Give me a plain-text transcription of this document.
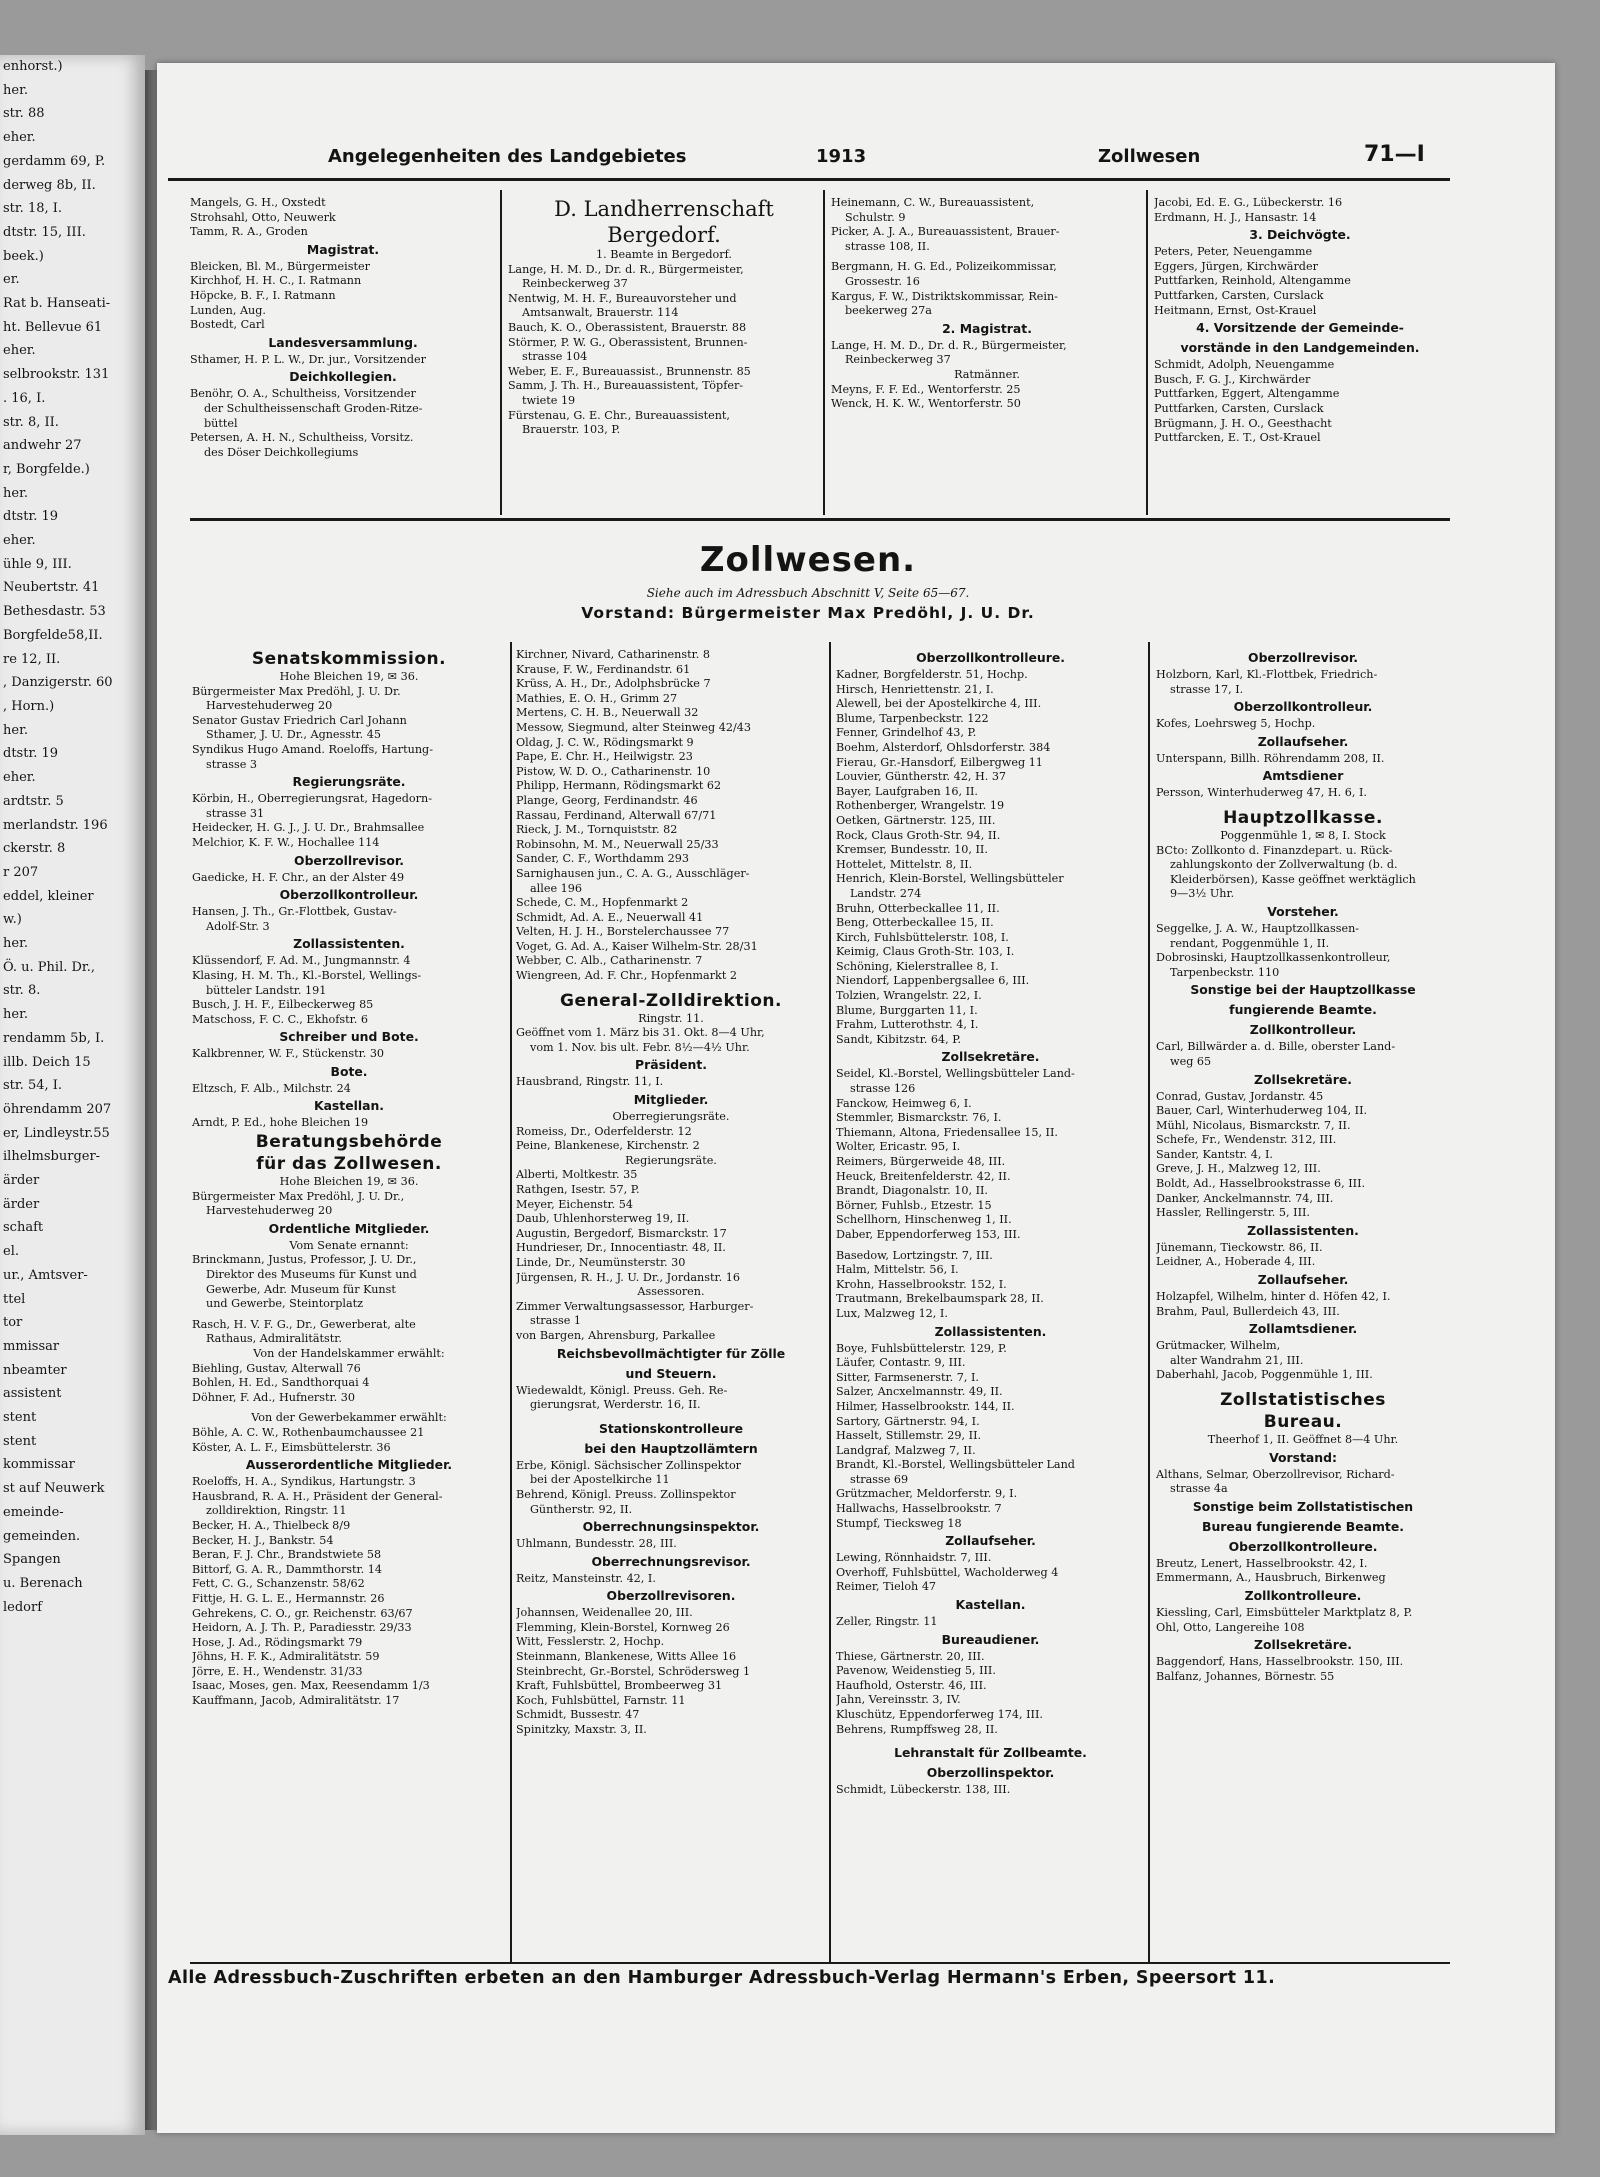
enhorst.)
her.
str. 88
eher.
gerdamm 69, P.
derweg 8b, II.
str. 18, I.
dtstr. 15, III.
beek.)
er.
Rat b. Hanseati-
ht. Bellevue 61
eher.
selbrookstr. 131
. 16, I.
str. 8, II.
andwehr 27
r, Borgfelde.)
her.
dtstr. 19
eher.
ühle 9, III.
Neubertstr. 41
Bethesdastr. 53
Borgfelde58,II.
re 12, II.
, Danzigerstr. 60
, Horn.)
her.
dtstr. 19
eher.
ardtstr. 5
merlandstr. 196
ckerstr. 8
r 207
eddel, kleiner
w.)
her.
Ö. u. Phil. Dr.,
str. 8.
her.
rendamm 5b, I.
illb. Deich 15
str. 54, I.
öhrendamm 207
er, Lindleystr.55
ilhelmsburger-
ärder
ärder
schaft
el.
ur., Amtsver-
ttel
tor
mmissar
nbeamter
assistent
stent
stent
kommissar
st auf Neuwerk
emeinde-
gemeinden.
Spangen
u. Berenach
ledorf
Angelegenheiten des Landgebietes	1913	Zollwesen	71—I
Mangels, G. H., Oxstedt
Strohsahl, Otto, Neuwerk
Tamm, R. A., Groden
Magistrat.
Bleicken, Bl. M., Bürgermeister
Kirchhof, H. H. C., I. Ratmann
Höpcke, B. F., I. Ratmann
Lunden, Aug.
Bostedt, Carl
Landesversammlung.
Sthamer, H. P. L. W., Dr. jur., Vorsitzender
Deichkollegien.
Benöhr, O. A., Schultheiss, Vorsitzender
der Schultheissenschaft Groden-Ritze-
büttel
Petersen, A. H. N., Schultheiss, Vorsitz.
des Döser Deichkollegiums
D. Landherrenschaft
Bergedorf.
1. Beamte in Bergedorf.
Lange, H. M. D., Dr. d. R., Bürgermeister,
Reinbeckerweg 37
Nentwig, M. H. F., Bureauvorsteher und
Amtsanwalt, Brauerstr. 114
Bauch, K. O., Oberassistent, Brauerstr. 88
Störmer, P. W. G., Oberassistent, Brunnen-
strasse 104
Weber, E. F., Bureauassist., Brunnenstr. 85
Samm, J. Th. H., Bureauassistent, Töpfer-
twiete 19
Fürstenau, G. E. Chr., Bureauassistent,
Brauerstr. 103, P.
Heinemann, C. W., Bureauassistent,
Schulstr. 9
Picker, A. J. A., Bureauassistent, Brauer-
strasse 108, II.
Bergmann, H. G. Ed., Polizeikommissar,
Grossestr. 16
Kargus, F. W., Distriktskommissar, Rein-
beekerweg 27a
2. Magistrat.
Lange, H. M. D., Dr. d. R., Bürgermeister,
Reinbeckerweg 37
Ratmänner.
Meyns, F. F. Ed., Wentorferstr. 25
Wenck, H. K. W., Wentorferstr. 50
Jacobi, Ed. E. G., Lübeckerstr. 16
Erdmann, H. J., Hansastr. 14
3. Deichvögte.
Peters, Peter, Neuengamme
Eggers, Jürgen, Kirchwärder
Puttfarken, Reinhold, Altengamme
Puttfarken, Carsten, Curslack
Heitmann, Ernst, Ost-Krauel
4. Vorsitzende der Gemeinde-
vorstände in den Landgemeinden.
Schmidt, Adolph, Neuengamme
Busch, F. G. J., Kirchwärder
Puttfarken, Eggert, Altengamme
Puttfarken, Carsten, Curslack
Brügmann, J. H. O., Geesthacht
Puttfarcken, E. T., Ost-Krauel
Zollwesen.
Siehe auch im Adressbuch Abschnitt V, Seite 65—67.
Vorstand: Bürgermeister Max Predöhl, J. U. Dr.
Senatskommission.
Hohe Bleichen 19, ✉ 36.
Bürgermeister Max Predöhl, J. U. Dr.
Harvestehuderweg 20
Senator Gustav Friedrich Carl Johann
Sthamer, J. U. Dr., Agnesstr. 45
Syndikus Hugo Amand. Roeloffs, Hartung-
strasse 3
Regierungsräte.
Körbin, H., Oberregierungsrat, Hagedorn-
strasse 31
Heidecker, H. G. J., J. U. Dr., Brahmsallee
Melchior, K. F. W., Hochallee 114
Oberzollrevisor.
Gaedicke, H. F. Chr., an der Alster 49
Oberzollkontrolleur.
Hansen, J. Th., Gr.-Flottbek, Gustav-
Adolf-Str. 3
Zollassistenten.
Klüssendorf, F. Ad. M., Jungmannstr. 4
Klasing, H. M. Th., Kl.-Borstel, Wellings-
bütteler Landstr. 191
Busch, J. H. F., Eilbeckerweg 85
Matschoss, F. C. C., Ekhofstr. 6
Schreiber und Bote.
Kalkbrenner, W. F., Stückenstr. 30
Bote.
Eltzsch, F. Alb., Milchstr. 24
Kastellan.
Arndt, P. Ed., hohe Bleichen 19
Beratungsbehörde
für das Zollwesen.
Hohe Bleichen 19, ✉ 36.
Bürgermeister Max Predöhl, J. U. Dr.,
Harvestehuderweg 20
Ordentliche Mitglieder.
Vom Senate ernannt:
Brinckmann, Justus, Professor, J. U. Dr.,
Direktor des Museums für Kunst und
Gewerbe, Adr. Museum für Kunst
und Gewerbe, Steintorplatz
Rasch, H. V. F. G., Dr., Gewerberat, alte
Rathaus, Admiralitätstr.
Von der Handelskammer erwählt:
Biehling, Gustav, Alterwall 76
Bohlen, H. Ed., Sandthorquai 4
Döhner, F. Ad., Hufnerstr. 30
Von der Gewerbekammer erwählt:
Böhle, A. C. W., Rothenbaumchaussee 21
Köster, A. L. F., Eimsbüttelerstr. 36
Ausserordentliche Mitglieder.
Roeloffs, H. A., Syndikus, Hartungstr. 3
Hausbrand, R. A. H., Präsident der General-
zolldirektion, Ringstr. 11
Becker, H. A., Thielbeck 8/9
Becker, H. J., Bankstr. 54
Beran, F. J. Chr., Brandstwiete 58
Bittorf, G. A. R., Dammthorstr. 14
Fett, C. G., Schanzenstr. 58/62
Fittje, H. G. L. E., Hermannstr. 26
Gehrekens, C. O., gr. Reichenstr. 63/67
Heidorn, A. J. Th. P., Paradiesstr. 29/33
Hose, J. Ad., Rödingsmarkt 79
Jöhns, H. F. K., Admiralitätstr. 59
Jörre, E. H., Wendenstr. 31/33
Isaac, Moses, gen. Max, Reesendamm 1/3
Kauffmann, Jacob, Admiralitätstr. 17
Kirchner, Nivard, Catharinenstr. 8
Krause, F. W., Ferdinandstr. 61
Krüss, A. H., Dr., Adolphsbrücke 7
Mathies, E. O. H., Grimm 27
Mertens, C. H. B., Neuerwall 32
Messow, Siegmund, alter Steinweg 42/43
Oldag, J. C. W., Rödingsmarkt 9
Pape, E. Chr. H., Heilwigstr. 23
Pistow, W. D. O., Catharinenstr. 10
Philipp, Hermann, Rödingsmarkt 62
Plange, Georg, Ferdinandstr. 46
Rassau, Ferdinand, Alterwall 67/71
Rieck, J. M., Tornquiststr. 82
Robinsohn, M. M., Neuerwall 25/33
Sander, C. F., Worthdamm 293
Sarnighausen jun., C. A. G., Ausschläger-
allee 196
Schede, C. M., Hopfenmarkt 2
Schmidt, Ad. A. E., Neuerwall 41
Velten, H. J. H., Borstelerchaussee 77
Voget, G. Ad. A., Kaiser Wilhelm-Str. 28/31
Webber, C. Alb., Catharinenstr. 7
Wiengreen, Ad. F. Chr., Hopfenmarkt 2
General-Zolldirektion.
Ringstr. 11.
Geöffnet vom 1. März bis 31. Okt. 8—4 Uhr,
vom 1. Nov. bis ult. Febr. 8½—4½ Uhr.
Präsident.
Hausbrand, Ringstr. 11, I.
Mitglieder.
Oberregierungsräte.
Romeiss, Dr., Oderfelderstr. 12
Peine, Blankenese, Kirchenstr. 2
Regierungsräte.
Alberti, Moltkestr. 35
Rathgen, Isestr. 57, P.
Meyer, Eichenstr. 54
Daub, Uhlenhorsterweg 19, II.
Augustin, Bergedorf, Bismarckstr. 17
Hundrieser, Dr., Innocentiastr. 48, II.
Linde, Dr., Neumünsterstr. 30
Jürgensen, R. H., J. U. Dr., Jordanstr. 16
Assessoren.
Zimmer Verwaltungsassessor, Harburger-
strasse 1
von Bargen, Ahrensburg, Parkallee
Reichsbevollmächtigter für Zölle
und Steuern.
Wiedewaldt, Königl. Preuss. Geh. Re-
gierungsrat, Werderstr. 16, II.
Stationskontrolleure
bei den Hauptzollämtern
Erbe, Königl. Sächsischer Zollinspektor
bei der Apostelkirche 11
Behrend, Königl. Preuss. Zollinspektor
Güntherstr. 92, II.
Oberrechnungsinspektor.
Uhlmann, Bundesstr. 28, III.
Oberrechnungsrevisor.
Reitz, Mansteinstr. 42, I.
Oberzollrevisoren.
Johannsen, Weidenallee 20, III.
Flemming, Klein-Borstel, Kornweg 26
Witt, Fesslerstr. 2, Hochp.
Steinmann, Blankenese, Witts Allee 16
Steinbrecht, Gr.-Borstel, Schrödersweg 1
Kraft, Fuhlsbüttel, Brombeerweg 31
Koch, Fuhlsbüttel, Farnstr. 11
Schmidt, Bussestr. 47
Spinitzky, Maxstr. 3, II.
Oberzollkontrolleure.
Kadner, Borgfelderstr. 51, Hochp.
Hirsch, Henriettenstr. 21, I.
Alewell, bei der Apostelkirche 4, III.
Blume, Tarpenbeckstr. 122
Fenner, Grindelhof 43, P.
Boehm, Alsterdorf, Ohlsdorferstr. 384
Fierau, Gr.-Hansdorf, Eilbergweg 11
Louvier, Güntherstr. 42, H. 37
Bayer, Laufgraben 16, II.
Rothenberger, Wrangelstr. 19
Oetken, Gärtnerstr. 125, III.
Rock, Claus Groth-Str. 94, II.
Kremser, Bundesstr. 10, II.
Hottelet, Mittelstr. 8, II.
Henrich, Klein-Borstel, Wellingsbütteler
Landstr. 274
Bruhn, Otterbeckallee 11, II.
Beng, Otterbeckallee 15, II.
Kirch, Fuhlsbüttelerstr. 108, I.
Keimig, Claus Groth-Str. 103, I.
Schöning, Kielerstrallee 8, I.
Niendorf, Lappenbergsallee 6, III.
Tolzien, Wrangelstr. 22, I.
Blume, Burggarten 11, I.
Frahm, Lutterothstr. 4, I.
Sandt, Kibitzstr. 64, P.
Zollsekretäre.
Seidel, Kl.-Borstel, Wellingsbütteler Land-
strasse 126
Fanckow, Heimweg 6, I.
Stemmler, Bismarckstr. 76, I.
Thiemann, Altona, Friedensallee 15, II.
Wolter, Ericastr. 95, I.
Reimers, Bürgerweide 48, III.
Heuck, Breitenfelderstr. 42, II.
Brandt, Diagonalstr. 10, II.
Börner, Fuhlsb., Etzestr. 15
Schellhorn, Hinschenweg 1, II.
Daber, Eppendorferweg 153, III.
Basedow, Lortzingstr. 7, III.
Halm, Mittelstr. 56, I.
Krohn, Hasselbrookstr. 152, I.
Trautmann, Brekelbaumspark 28, II.
Lux, Malzweg 12, I.
Zollassistenten.
Boye, Fuhlsbüttelerstr. 129, P.
Läufer, Contastr. 9, III.
Sitter, Farmsenerstr. 7, I.
Salzer, Ancxelmannstr. 49, II.
Hilmer, Hasselbrookstr. 144, II.
Sartory, Gärtnerstr. 94, I.
Hasselt, Stillemstr. 29, II.
Landgraf, Malzweg 7, II.
Brandt, Kl.-Borstel, Wellingsbütteler Land
strasse 69
Grützmacher, Meldorferstr. 9, I.
Hallwachs, Hasselbrookstr. 7
Stumpf, Tiecksweg 18
Zollaufseher.
Lewing, Rönnhaidstr. 7, III.
Overhoff, Fuhlsbüttel, Wacholderweg 4
Reimer, Tieloh 47
Kastellan.
Zeller, Ringstr. 11
Bureaudiener.
Thiese, Gärtnerstr. 20, III.
Pavenow, Weidenstieg 5, III.
Haufhold, Osterstr. 46, III.
Jahn, Vereinsstr. 3, IV.
Kluschütz, Eppendorferweg 174, III.
Behrens, Rumpffsweg 28, II.
Lehranstalt für Zollbeamte.
Oberzollinspektor.
Schmidt, Lübeckerstr. 138, III.
Oberzollrevisor.
Holzborn, Karl, Kl.-Flottbek, Friedrich-
strasse 17, I.
Oberzollkontrolleur.
Kofes, Loehrsweg 5, Hochp.
Zollaufseher.
Unterspann, Billh. Röhrendamm 208, II.
Amtsdiener
Persson, Winterhuderweg 47, H. 6, I.
Hauptzollkasse.
Poggenmühle 1, ✉ 8, I. Stock
BCto: Zollkonto d. Finanzdepart. u. Rück-
zahlungskonto der Zollverwaltung (b. d.
Kleiderbörsen), Kasse geöffnet werktäglich
9—3½ Uhr.
Vorsteher.
Seggelke, J. A. W., Hauptzollkassen-
rendant, Poggenmühle 1, II.
Dobrosinski, Hauptzollkassenkontrolleur,
Tarpenbeckstr. 110
Sonstige bei der Hauptzollkasse
fungierende Beamte.
Zollkontrolleur.
Carl, Billwärder a. d. Bille, oberster Land-
weg 65
Zollsekretäre.
Conrad, Gustav, Jordanstr. 45
Bauer, Carl, Winterhuderweg 104, II.
Mühl, Nicolaus, Bismarckstr. 7, II.
Schefe, Fr., Wendenstr. 312, III.
Sander, Kantstr. 4, I.
Greve, J. H., Malzweg 12, III.
Boldt, Ad., Hasselbrookstrasse 6, III.
Danker, Anckelmannstr. 74, III.
Hassler, Rellingerstr. 5, III.
Zollassistenten.
Jünemann, Tieckowstr. 86, II.
Leidner, A., Hoberade 4, III.
Zollaufseher.
Holzapfel, Wilhelm, hinter d. Höfen 42, I.
Brahm, Paul, Bullerdeich 43, III.
Zollamtsdiener.
Grütmacker, Wilhelm,
alter Wandrahm 21, III.
Daberhahl, Jacob, Poggenmühle 1, III.
Zollstatistisches
Bureau.
Theerhof 1, II. Geöffnet 8—4 Uhr.
Vorstand:
Althans, Selmar, Oberzollrevisor, Richard-
strasse 4a
Sonstige beim Zollstatistischen
Bureau fungierende Beamte.
Oberzollkontrolleure.
Breutz, Lenert, Hasselbrookstr. 42, I.
Emmermann, A., Hausbruch, Birkenweg
Zollkontrolleure.
Kiessling, Carl, Eimsbütteler Marktplatz 8, P.
Ohl, Otto, Langereihe 108
Zollsekretäre.
Baggendorf, Hans, Hasselbrookstr. 150, III.
Balfanz, Johannes, Börnestr. 55
Alle Adressbuch-Zuschriften erbeten an den Hamburger Adressbuch-Verlag Hermann's Erben, Speersort 11.
